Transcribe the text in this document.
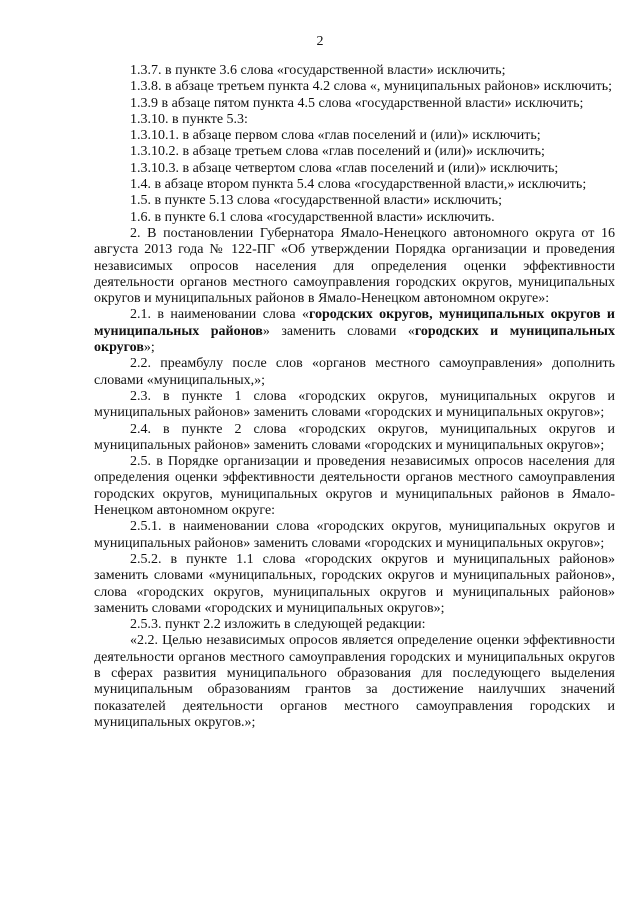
2

1.3.7. в пункте 3.6 слова «государственной власти» исключить;

1.3.8. в абзаце третьем пункта 4.2 слова «, муниципальных районов» исключить;

1.3.9 в абзаце пятом пункта 4.5 слова «государственной власти» исключить;

1.3.10. в пункте 5.3:

1.3.10.1. в абзаце первом слова «глав поселений и (или)» исключить;

1.3.10.2. в абзаце третьем слова «глав поселений и (или)» исключить;

1.3.10.3. в абзаце четвертом слова «глав поселений и (или)» исключить;

1.4. в абзаце втором пункта 5.4 слова «государственной власти,» исключить;

1.5. в пункте 5.13 слова «государственной власти» исключить;

1.6. в пункте 6.1 слова «государственной власти» исключить.

2. В постановлении Губернатора Ямало-Ненецкого автономного округа от 16 августа 2013 года № 122-ПГ «Об утверждении Порядка организации и проведения независимых опросов населения для определения оценки эффективности деятельности органов местного самоуправления городских округов, муниципальных округов и муниципальных районов в Ямало-Ненецком автономном округе»:

2.1. в наименовании слова «городских округов, муниципальных округов и муниципальных районов» заменить словами «городских и муниципальных округов»;

2.2. преамбулу после слов «органов местного самоуправления» дополнить словами «муниципальных,»;

2.3. в пункте 1 слова «городских округов, муниципальных округов и муниципальных районов» заменить словами «городских и муниципальных округов»;

2.4. в пункте 2 слова «городских округов, муниципальных округов и муниципальных районов» заменить словами «городских и муниципальных округов»;

2.5. в Порядке организации и проведения независимых опросов населения для определения оценки эффективности деятельности органов местного самоуправления городских округов, муниципальных округов и муниципальных районов в Ямало-Ненецком автономном округе:

2.5.1. в наименовании слова «городских округов, муниципальных округов и муниципальных районов» заменить словами «городских и муниципальных округов»;

2.5.2. в пункте 1.1 слова «городских округов и муниципальных районов» заменить словами «муниципальных, городских округов и муниципальных районов», слова «городских округов, муниципальных округов и муниципальных районов» заменить словами «городских и муниципальных округов»;

2.5.3. пункт 2.2 изложить в следующей редакции:

«2.2. Целью независимых опросов является определение оценки эффективности деятельности органов местного самоуправления городских и муниципальных округов в сферах развития муниципального образования для последующего выделения муниципальным образованиям грантов за достижение наилучших значений показателей деятельности органов местного самоуправления городских и муниципальных округов.»;
